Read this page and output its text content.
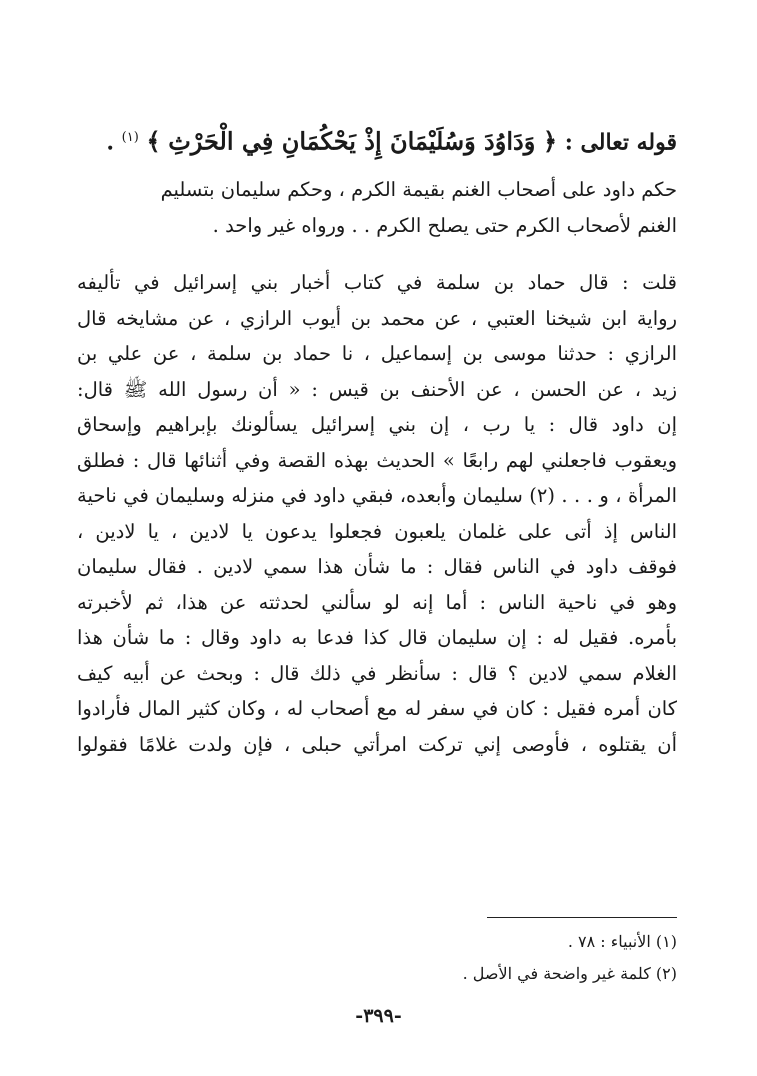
قوله تعالى : ﴿ وَدَاوُدَ وَسُلَيْمَانَ إِذْ يَحْكُمَانِ فِي الْحَرْثِ ﴾ $^{(١)}$ .
حكم داود على أصحاب الغنم بقيمة الكرم ، وحكم سليمان بتسليم
الغنم لأصحاب الكرم حتى يصلح الكرم . . ورواه غير واحد .
قلت : قال حماد بن سلمة في كتاب أخبار بني إسرائيل في تأليفه
رواية ابن شيخنا العتبي ، عن محمد بن أيوب الرازي ، عن مشايخه قال
الرازي : حدثنا موسى بن إسماعيل ، نا حماد بن سلمة ، عن علي بن
زيد ، عن الحسن ، عن الأحنف بن قيس : « أن رسول الله ﷺ قال:
إن داود قال : يا رب ، إن بني إسرائيل يسألونك بإبراهيم وإسحاق
ويعقوب فاجعلني لهم رابعًا » الحديث بهذه القصة وفي أثنائها قال : فطلق
المرأة ، و . . . (٢) سليمان وأبعده، فبقي داود في منزله وسليمان في ناحية
الناس إذ أتى على غلمان يلعبون فجعلوا يدعون يا لادين ، يا لادين ،
فوقف داود في الناس فقال : ما شأن هذا سمي لادين . فقال سليمان
وهو في ناحية الناس : أما إنه لو سألني لحدثته عن هذا، ثم لأخبرته
بأمره. فقيل له : إن سليمان قال كذا فدعا به داود وقال : ما شأن هذا
الغلام سمي لادين ؟ قال : سأنظر في ذلك قال : وبحث عن أبيه كيف
كان أمره فقيل : كان في سفر له مع أصحاب له ، وكان كثير المال فأرادوا
أن يقتلوه ، فأوصى إني تركت امرأتي حبلى ، فإن ولدت غلامًا فقولوا
(١) الأنبياء : ٧٨ .
(٢) كلمة غير واضحة في الأصل .
-٣٩٩-
